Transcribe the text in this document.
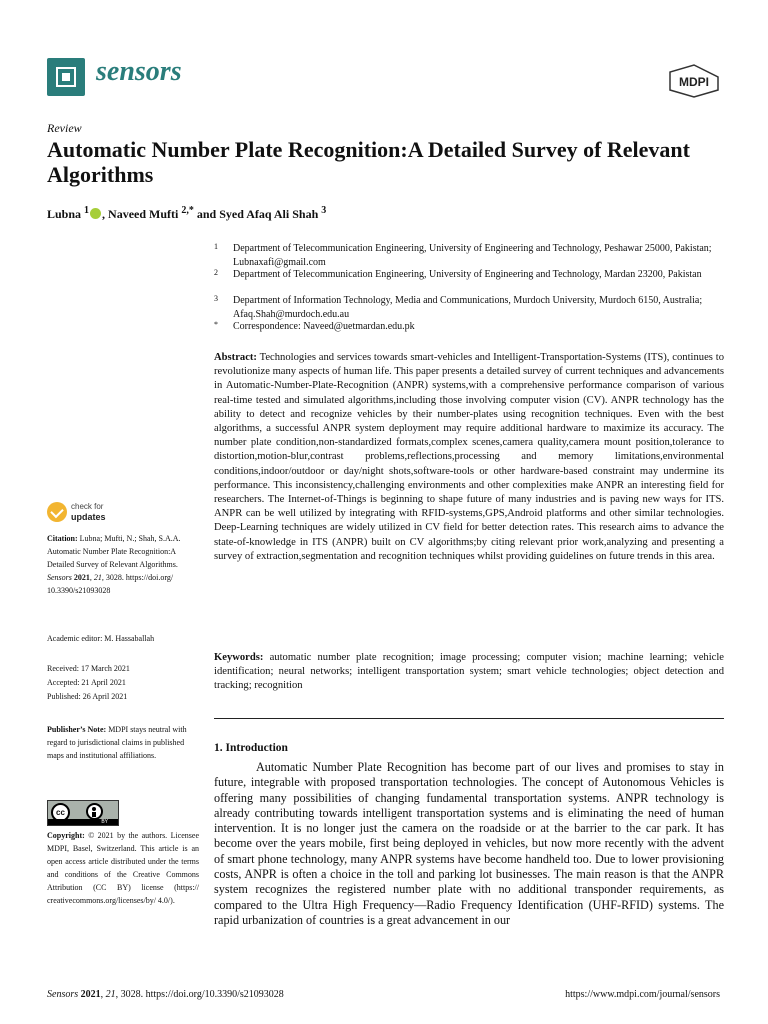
sensors	MDPI
Review
Automatic Number Plate Recognition:A Detailed Survey of Relevant Algorithms
Lubna $^1$ , Naveed Mufti $^{2,*}$ and Syed Afaq Ali Shah $^3$
1 Department of Telecommunication Engineering, University of Engineering and Technology, Peshawar 25000, Pakistan; Lubnaxafi@gmail.com
2 Department of Telecommunication Engineering, University of Engineering and Technology, Mardan 23200, Pakistan
3 Department of Information Technology, Media and Communications, Murdoch University, Murdoch 6150, Australia; Afaq.Shah@murdoch.edu.au
* Correspondence: Naveed@uetmardan.edu.pk
Abstract: Technologies and services towards smart-vehicles and Intelligent-Transportation-Systems (ITS), continues to revolutionize many aspects of human life. This paper presents a detailed survey of current techniques and advancements in Automatic-Number-Plate-Recognition (ANPR) systems,with a comprehensive performance comparison of various real-time tested and simulated algorithms,including those involving computer vision (CV). ANPR technology has the ability to detect and recognize vehicles by their number-plates using recognition techniques. Even with the best algorithms, a successful ANPR system deployment may require additional hardware to maximize its accuracy. The number plate condition,non-standardized formats,complex scenes,camera quality,camera mount position,tolerance to distortion,motion-blur,contrast problems,reflections,processing and memory limitations,environmental conditions,indoor/outdoor or day/night shots,software-tools or other hardware-based constraint may undermine its performance. This inconsistency,challenging environments and other complexities make ANPR an interesting field for researchers. The Internet-of-Things is beginning to shape future of many industries and is paving new ways for ITS. ANPR can be well utilized by integrating with RFID-systems,GPS,Android platforms and other similar technologies. Deep-Learning techniques are widely utilized in CV field for better detection rates. This research aims to advance the state-of-knowledge in ITS (ANPR) built on CV algorithms;by citing relevant prior work,analyzing and presenting a survey of extraction,segmentation and recognition techniques whilst providing guidelines on future trends in this area.
Keywords: automatic number plate recognition; image processing; computer vision; machine learning; vehicle identification; neural networks; intelligent transportation system; smart vehicle technologies; object detection and tracking; recognition
1. Introduction
Automatic Number Plate Recognition has become part of our lives and promises to stay in future, integrable with proposed transportation technologies. The concept of Autonomous Vehicles is offering many possibilities of changing fundamental transportation systems. ANPR technology is already contributing towards intelligent transportation systems and is eliminating the need of human intervention. It is no longer just the camera on the roadside or at the barrier to the car park. It has become over the years mobile, first being deployed in vehicles, but now more recently with the advent of smart phone technology, many ANPR systems have become handheld too. Due to lower provisioning costs, ANPR is often a choice in the toll and parking lot businesses. The main reason is that the ANPR system recognizes the registered number plate with no additional transponder requirements, as compared to the Ultra High Frequency—Radio Frequency Identification (UHF-RFID) systems. The rapid urbanization of countries is a great advancement in our
check for
updates
Citation: Lubna; Mufti, N.; Shah, S.A.A. Automatic Number Plate Recognition:A Detailed Survey of Relevant Algorithms. Sensors 2021, 21, 3028. https://doi.org/ 10.3390/s21093028
Academic editor: M. Hassaballah
Received: 17 March 2021
Accepted: 21 April 2021
Published: 26 April 2021
Publisher’s Note: MDPI stays neutral with regard to jurisdictional claims in published maps and institutional affiliations.
cc
BY
Copyright: © 2021 by the authors. Licensee MDPI, Basel, Switzerland. This article is an open access article distributed under the terms and conditions of the Creative Commons Attribution (CC BY) license (https:// creativecommons.org/licenses/by/ 4.0/).
Sensors 2021, 21, 3028. https://doi.org/10.3390/s21093028	https://www.mdpi.com/journal/sensors
